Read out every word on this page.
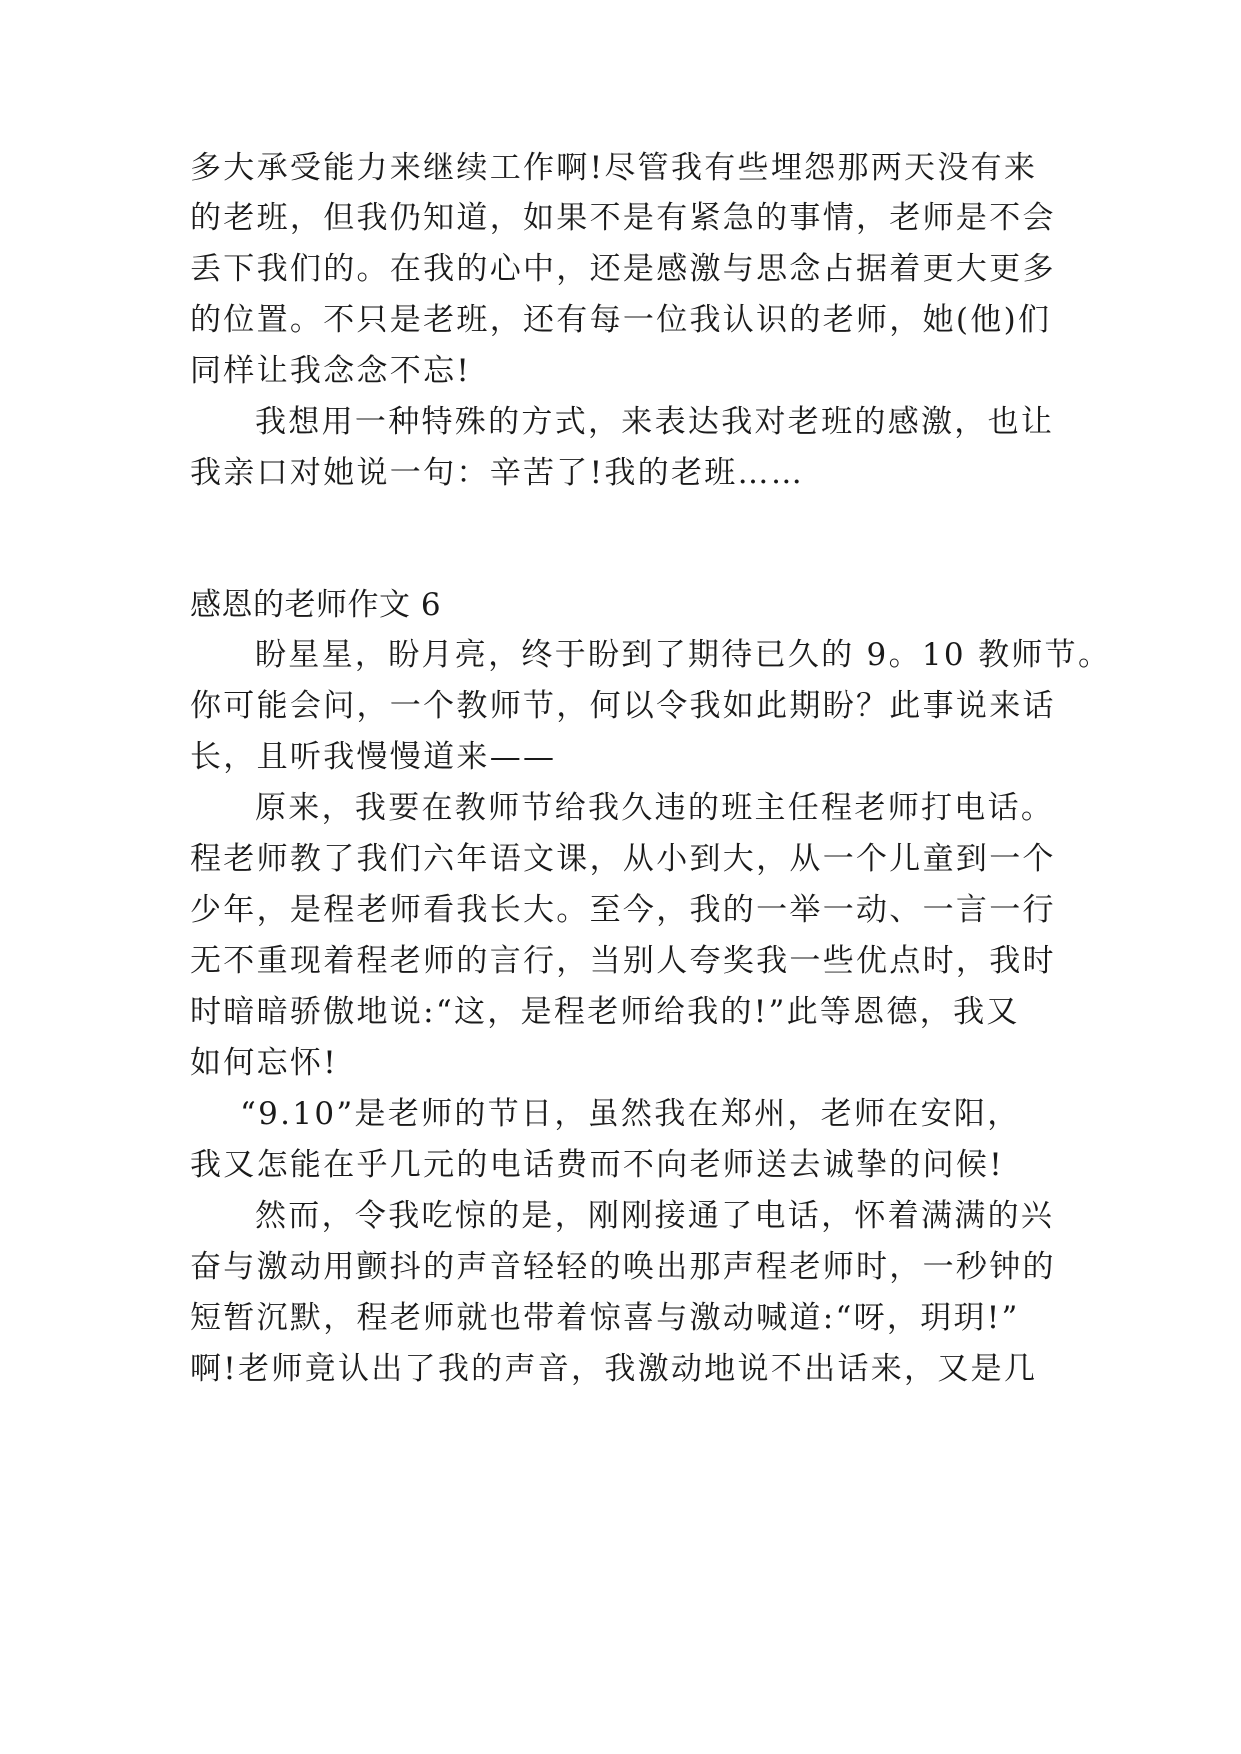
多大承受能力来继续工作啊!尽管我有些埋怨那两天没有来
的老班，但我仍知道，如果不是有紧急的事情，老师是不会
丢下我们的。在我的心中，还是感激与思念占据着更大更多
的位置。不只是老班，还有每一位我认识的老师，她(他)们
同样让我念念不忘!
我想用一种特殊的方式，来表达我对老班的感激，也让
我亲口对她说一句：辛苦了!我的老班……
感恩的老师作文 6
盼星星，盼月亮，终于盼到了期待已久的 9。10 教师节。
你可能会问，一个教师节，何以令我如此期盼？此事说来话
长，且听我慢慢道来——
原来，我要在教师节给我久违的班主任程老师打电话。
程老师教了我们六年语文课，从小到大，从一个儿童到一个
少年，是程老师看我长大。至今，我的一举一动、一言一行
无不重现着程老师的言行，当别人夸奖我一些优点时，我时
时暗暗骄傲地说:“这，是程老师给我的!”此等恩德，我又
如何忘怀!
“9.10”是老师的节日，虽然我在郑州，老师在安阳，
我又怎能在乎几元的电话费而不向老师送去诚挚的问候!
然而，令我吃惊的是，刚刚接通了电话，怀着满满的兴
奋与激动用颤抖的声音轻轻的唤出那声程老师时，一秒钟的
短暂沉默，程老师就也带着惊喜与激动喊道:“呀，玥玥!”
啊!老师竟认出了我的声音，我激动地说不出话来，又是几
